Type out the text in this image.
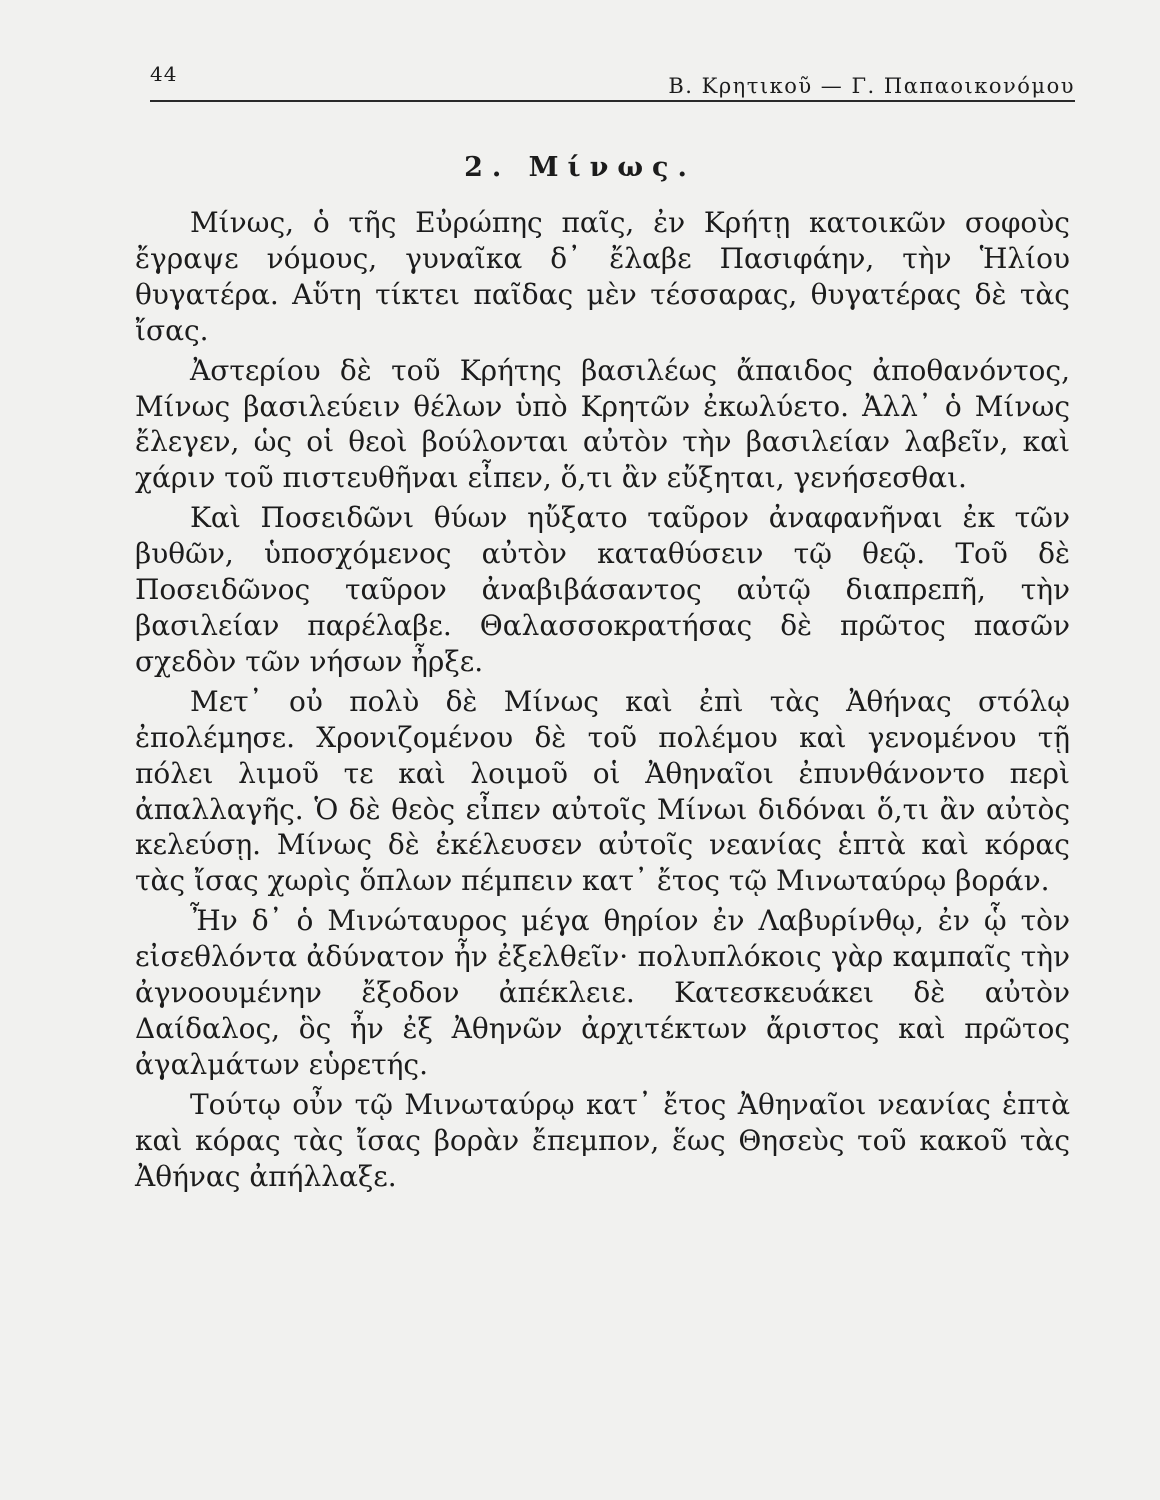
44	Β. Κρητικοῦ — Γ. Παπαοικονόμου
2. Μίνως.

Μίνως, ὁ τῆς Εὐρώπης παῖς, ἐν Κρήτῃ κατοικῶν σοφοὺς ἔγραψε νόμους, γυναῖκα δ᾽ ἔλαβε Πασιφάην, τὴν Ἡλίου θυγατέρα. Αὕτη τίκτει παῖδας μὲν τέσσαρας, θυγατέρας δὲ τὰς ἴσας.

Ἀστερίου δὲ τοῦ Κρήτης βασιλέως ἄπαιδος ἀποθανόντος, Μίνως βασιλεύειν θέλων ὑπὸ Κρητῶν ἐκωλύετο. Ἀλλ᾽ ὁ Μίνως ἔλεγεν, ὡς οἱ θεοὶ βούλονται αὐτὸν τὴν βασιλείαν λαβεῖν, καὶ χάριν τοῦ πιστευθῆναι εἶπεν, ὅ,τι ἂν εὔξηται, γενήσεσθαι.

Καὶ Ποσειδῶνι θύων ηὔξατο ταῦρον ἀναφανῆναι ἐκ τῶν βυθῶν, ὑποσχόμενος αὐτὸν καταθύσειν τῷ θεῷ. Τοῦ δὲ Ποσειδῶνος ταῦρον ἀναβιβάσαντος αὐτῷ διαπρεπῆ, τὴν βασιλείαν παρέλαβε. Θαλασσοκρατήσας δὲ πρῶτος πασῶν σχεδὸν τῶν νήσων ἦρξε.

Μετ᾽ οὐ πολὺ δὲ Μίνως καὶ ἐπὶ τὰς Ἀθήνας στόλῳ ἐπολέμησε. Χρονιζομένου δὲ τοῦ πολέμου καὶ γενομένου τῇ πόλει λιμοῦ τε καὶ λοιμοῦ οἱ Ἀθηναῖοι ἐπυνθάνοντο περὶ ἀπαλλαγῆς. Ὁ δὲ θεὸς εἶπεν αὐτοῖς Μίνωι διδόναι ὅ,τι ἂν αὐτὸς κελεύσῃ. Μίνως δὲ ἐκέλευσεν αὐτοῖς νεανίας ἑπτὰ καὶ κόρας τὰς ἴσας χωρὶς ὅπλων πέμπειν κατ᾽ ἔτος τῷ Μινωταύρῳ βοράν.

Ἦν δ᾽ ὁ Μινώταυρος μέγα θηρίον ἐν Λαβυρίνθῳ, ἐν ᾧ τὸν εἰσεθλόντα ἀδύνατον ἦν ἐξελθεῖν· πολυπλόκοις γὰρ καμπαῖς τὴν ἀγνοουμένην ἔξοδον ἀπέκλειε. Κατεσκευάκει δὲ αὐτὸν Δαίδαλος, ὃς ἦν ἐξ Ἀθηνῶν ἀρχιτέκτων ἄριστος καὶ πρῶτος ἀγαλμάτων εὑρετής.

Τούτῳ οὖν τῷ Μινωταύρῳ κατ᾽ ἔτος Ἀθηναῖοι νεανίας ἑπτὰ καὶ κόρας τὰς ἴσας βορὰν ἔπεμπον, ἕως Θησεὺς τοῦ κακοῦ τὰς Ἀθήνας ἀπήλλαξε.
